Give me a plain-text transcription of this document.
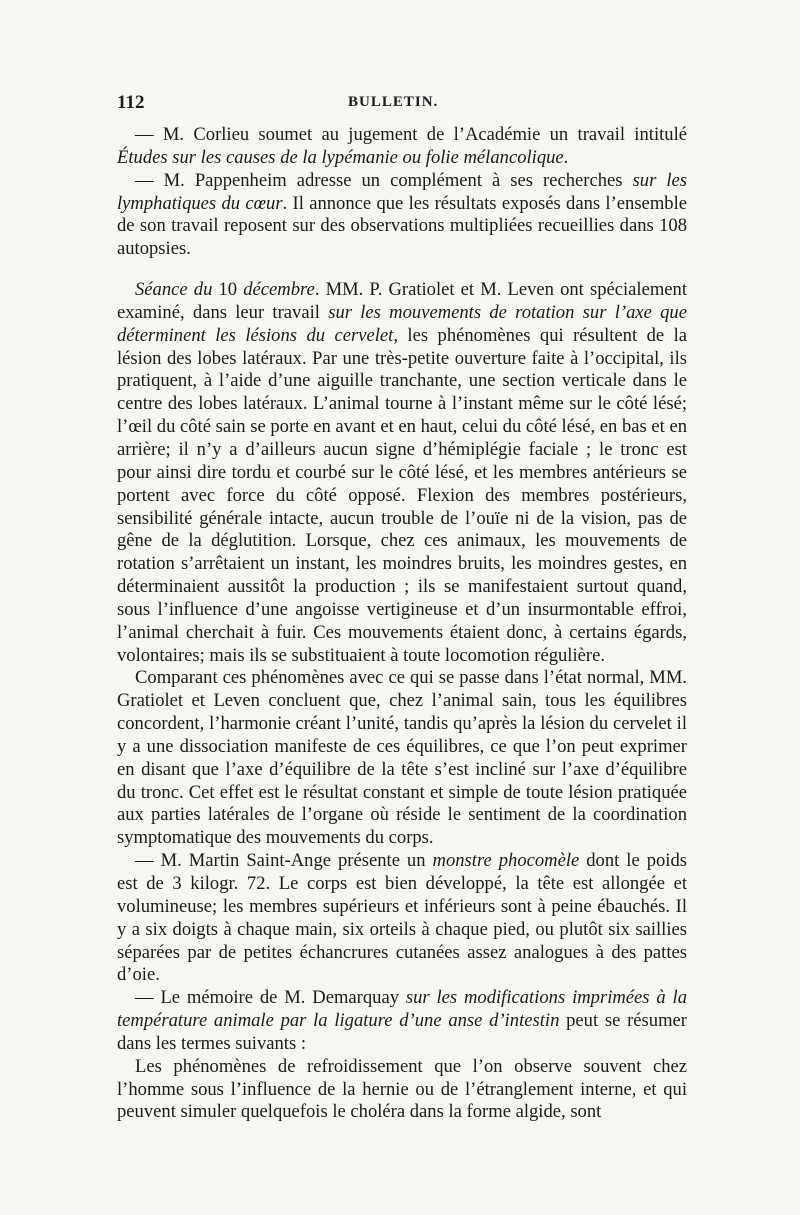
112	BULLETIN.

— M. Corlieu soumet au jugement de l’Académie un travail intitulé Études sur les causes de la lypémanie ou folie mélancolique.

— M. Pappenheim adresse un complément à ses recherches sur les lymphatiques du cœur. Il annonce que les résultats exposés dans l’ensemble de son travail reposent sur des observations multipliées recueillies dans 108 autopsies.

Séance du 10 décembre. MM. P. Gratiolet et M. Leven ont spécialement examiné, dans leur travail sur les mouvements de rotation sur l’axe que déterminent les lésions du cervelet, les phénomènes qui résultent de la lésion des lobes latéraux. Par une très-petite ouverture faite à l’occipital, ils pratiquent, à l’aide d’une aiguille tranchante, une section verticale dans le centre des lobes latéraux. L’animal tourne à l’instant même sur le côté lésé; l’œil du côté sain se porte en avant et en haut, celui du côté lésé, en bas et en arrière; il n’y a d’ailleurs aucun signe d’hémiplégie faciale ; le tronc est pour ainsi dire tordu et courbé sur le côté lésé, et les membres antérieurs se portent avec force du côté opposé. Flexion des membres postérieurs, sensibilité générale intacte, aucun trouble de l’ouïe ni de la vision, pas de gêne de la déglutition. Lorsque, chez ces animaux, les mouvements de rotation s’arrêtaient un instant, les moindres bruits, les moindres gestes, en déterminaient aussitôt la production ; ils se manifestaient surtout quand, sous l’influence d’une angoisse vertigineuse et d’un insurmontable effroi, l’animal cherchait à fuir. Ces mouvements étaient donc, à certains égards, volontaires; mais ils se substituaient à toute locomotion régulière.

Comparant ces phénomènes avec ce qui se passe dans l’état normal, MM. Gratiolet et Leven concluent que, chez l’animal sain, tous les équilibres concordent, l’harmonie créant l’unité, tandis qu’après la lésion du cervelet il y a une dissociation manifeste de ces équilibres, ce que l’on peut exprimer en disant que l’axe d’équilibre de la tête s’est incliné sur l’axe d’équilibre du tronc. Cet effet est le résultat constant et simple de toute lésion pratiquée aux parties latérales de l’organe où réside le sentiment de la coordination symptomatique des mouvements du corps.

— M. Martin Saint-Ange présente un monstre phocomèle dont le poids est de 3 kilogr. 72. Le corps est bien développé, la tête est allongée et volumineuse; les membres supérieurs et inférieurs sont à peine ébauchés. Il y a six doigts à chaque main, six orteils à chaque pied, ou plutôt six saillies séparées par de petites échancrures cutanées assez analogues à des pattes d’oie.

— Le mémoire de M. Demarquay sur les modifications imprimées à la température animale par la ligature d’une anse d’intestin peut se résumer dans les termes suivants :

Les phénomènes de refroidissement que l’on observe souvent chez l’homme sous l’influence de la hernie ou de l’étranglement interne, et qui peuvent simuler quelquefois le choléra dans la forme algide, sont
